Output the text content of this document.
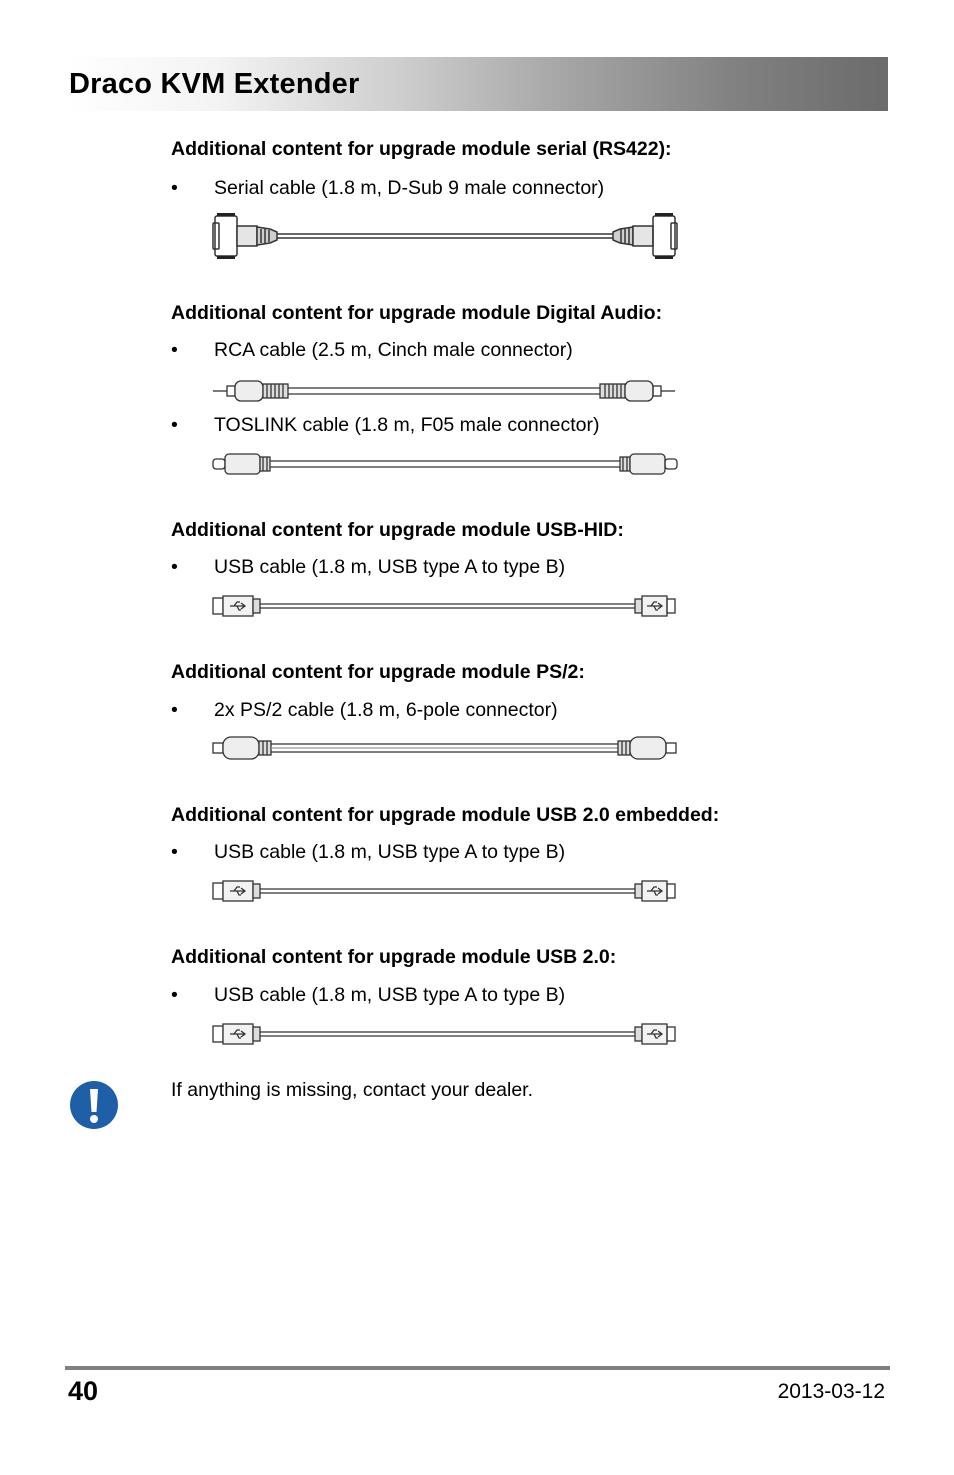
Draco KVM Extender
Additional content for upgrade module serial (RS422):
• Serial cable (1.8 m, D-Sub 9 male connector)
Additional content for upgrade module Digital Audio:
• RCA cable (2.5 m, Cinch male connector)
• TOSLINK cable (1.8 m, F05 male connector)
Additional content for upgrade module USB-HID:
• USB cable (1.8 m, USB type A to type B)
Additional content for upgrade module PS/2:
• 2x PS/2 cable (1.8 m, 6-pole connector)
Additional content for upgrade module USB 2.0 embedded:
• USB cable (1.8 m, USB type A to type B)
Additional content for upgrade module USB 2.0:
• USB cable (1.8 m, USB type A to type B)
If anything is missing, contact your dealer.
40	2013-03-12
